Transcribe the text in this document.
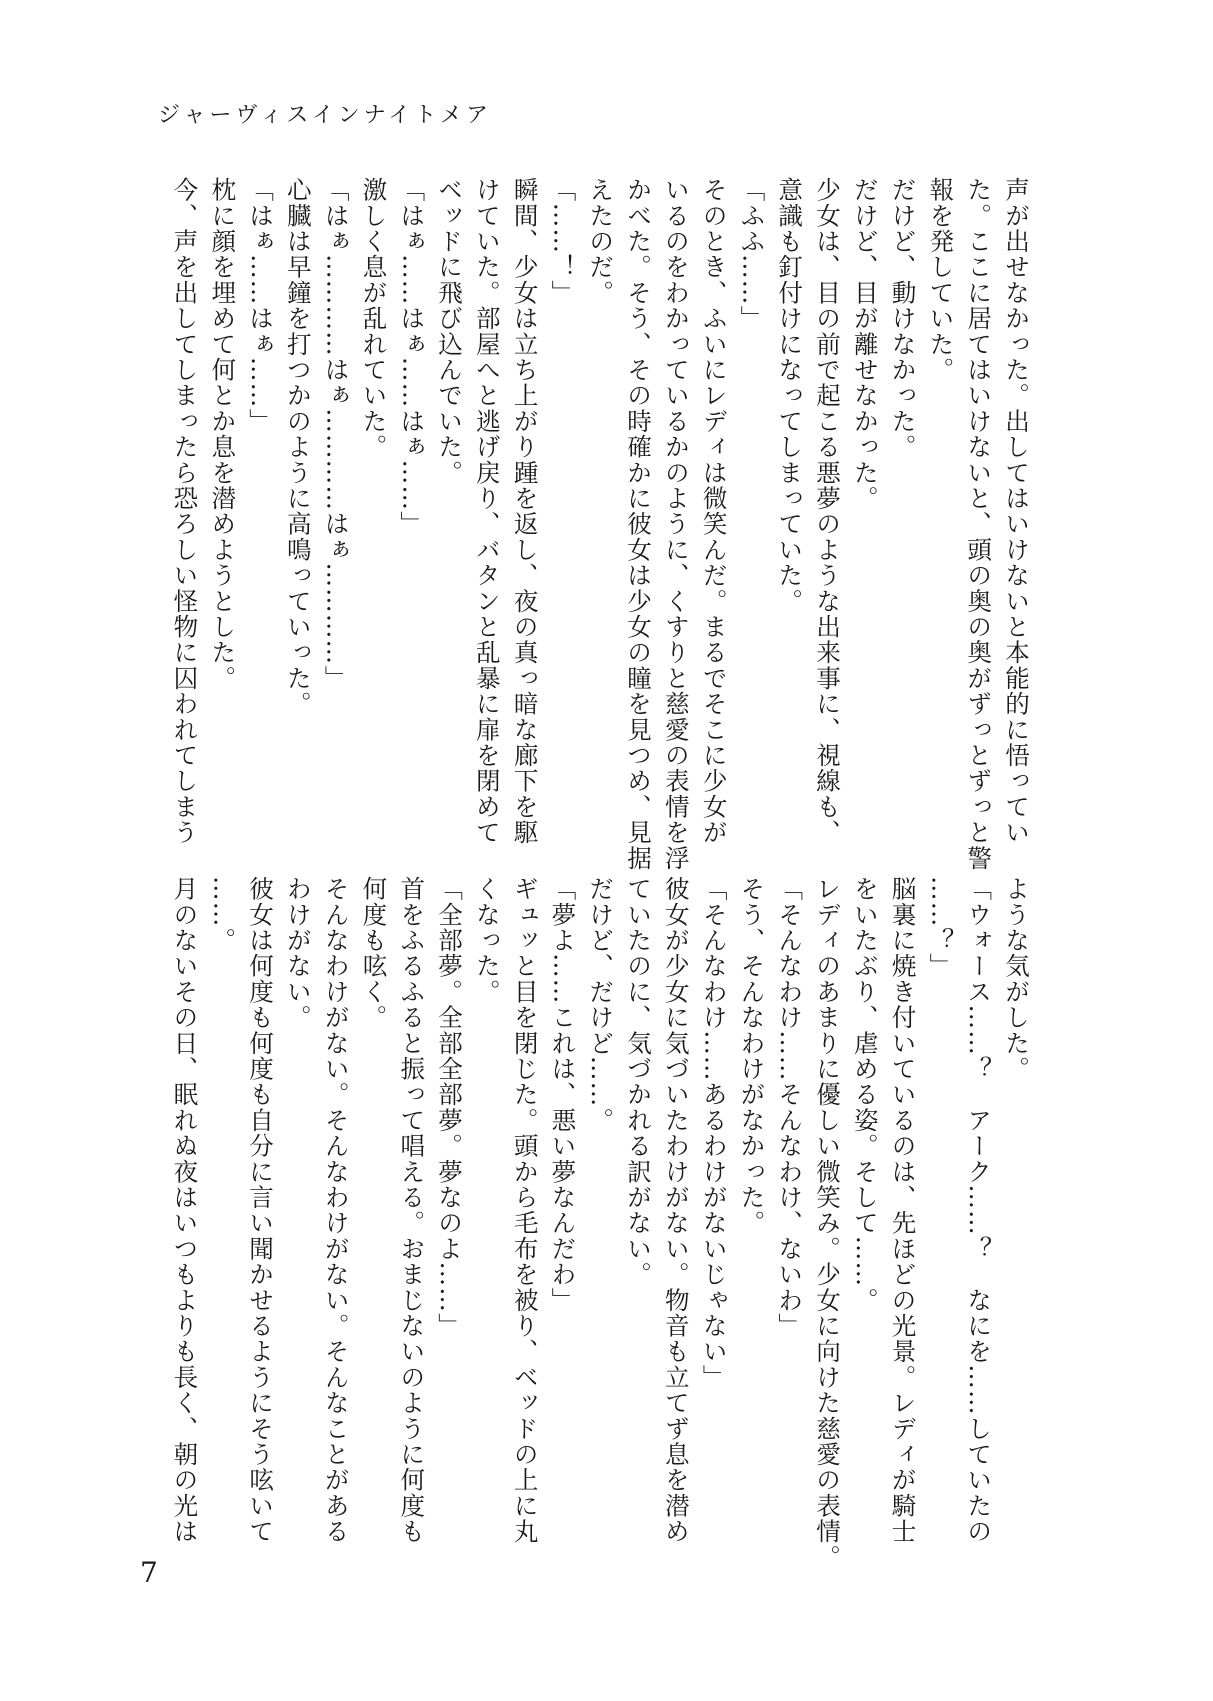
ジャーヴィスインナイトメア

声が出せなかった。出してはいけないと本能的に悟ってい

た。ここに居てはいけないと、頭の奥の奥がずっとずっと警

報を発していた。

だけど、動けなかった。

だけど、目が離せなかった。

少女は、目の前で起こる悪夢のような出来事に、視線も、

意識も釘付けになってしまっていた。

「ふふ……」

そのとき、ふいにレディは微笑んだ。まるでそこに少女が

いるのをわかっているかのように、くすりと慈愛の表情を浮

かべた。そう、その時確かに彼女は少女の瞳を見つめ、見据

えたのだ。

「……！」

瞬間、少女は立ち上がり踵を返し、夜の真っ暗な廊下を駆

けていた。部屋へと逃げ戻り、バタンと乱暴に扉を閉めて

ベッドに飛び込んでいた。

「はぁ……はぁ……はぁ……」

激しく息が乱れていた。

「はぁ…………はぁ…………はぁ…………」

心臓は早鐘を打つかのように高鳴っていった。

「はぁ……はぁ……」

枕に顔を埋めて何とか息を潜めようとした。

今、声を出してしまったら恐ろしい怪物に囚われてしまう

ような気がした。

「ウォース……？　アーク……？　なにを……していたの

……？」

脳裏に焼き付いているのは、先ほどの光景。レディが騎士

をいたぶり、虐める姿。そして……。

レディのあまりに優しい微笑み。少女に向けた慈愛の表情。

「そんなわけ……そんなわけ、ないわ」

そう、そんなわけがなかった。

「そんなわけ……あるわけがないじゃない」

彼女が少女に気づいたわけがない。物音も立てず息を潜め

ていたのに、気づかれる訳がない。

だけど、だけど……。

「夢よ……これは、悪い夢なんだわ」

ギュッと目を閉じた。頭から毛布を被り、ベッドの上に丸

くなった。

「全部夢。全部全部夢。夢なのよ……」

首をふるふると振って唱える。おまじないのように何度も

何度も呟く。

そんなわけがない。そんなわけがない。そんなことがある

わけがない。

彼女は何度も何度も自分に言い聞かせるようにそう呟いて

……。

月のないその日、眠れぬ夜はいつもよりも長く、朝の光は

7
